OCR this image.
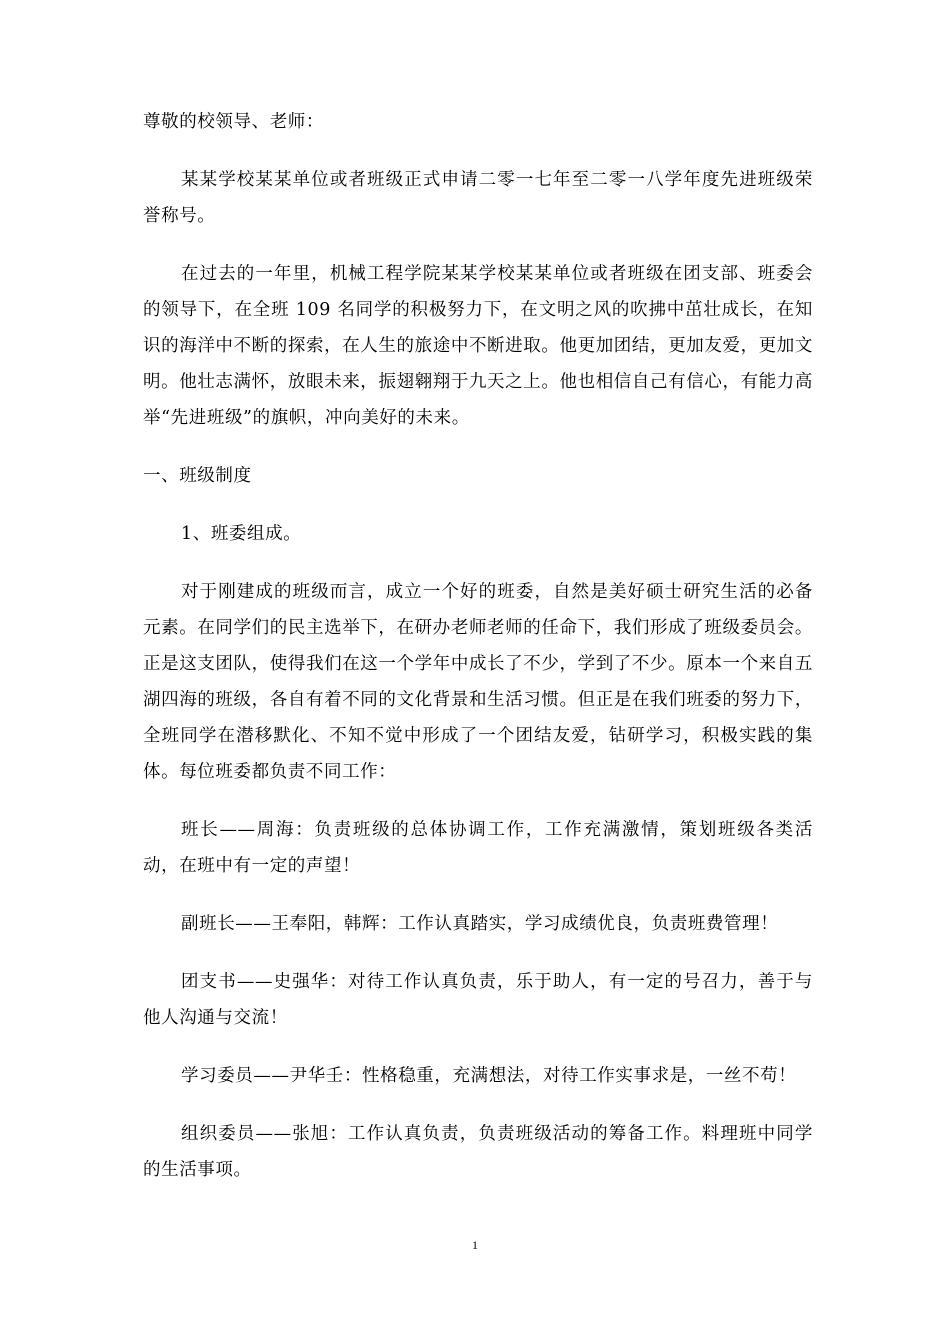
尊敬的校领导、老师：

某某学校某某单位或者班级正式申请二零一七年至二零一八学年度先进班级荣誉称号。

在过去的一年里，机械工程学院某某学校某某单位或者班级在团支部、班委会的领导下，在全班 109 名同学的积极努力下，在文明之风的吹拂中茁壮成长，在知识的海洋中不断的探索，在人生的旅途中不断进取。他更加团结，更加友爱，更加文明。他壮志满怀，放眼未来，振翅翱翔于九天之上。他也相信自己有信心，有能力高举“先进班级”的旗帜，冲向美好的未来。

一、班级制度

1、班委组成。

对于刚建成的班级而言，成立一个好的班委，自然是美好硕士研究生活的必备元素。在同学们的民主选举下，在研办老师老师的任命下，我们形成了班级委员会。正是这支团队，使得我们在这一个学年中成长了不少，学到了不少。原本一个来自五湖四海的班级，各自有着不同的文化背景和生活习惯。但正是在我们班委的努力下，全班同学在潜移默化、不知不觉中形成了一个团结友爱，钻研学习，积极实践的集体。每位班委都负责不同工作：

班长——周海：负责班级的总体协调工作，工作充满激情，策划班级各类活动，在班中有一定的声望！

副班长——王奉阳，韩辉：工作认真踏实，学习成绩优良，负责班费管理！

团支书——史强华：对待工作认真负责，乐于助人，有一定的号召力，善于与他人沟通与交流！

学习委员——尹华壬：性格稳重，充满想法，对待工作实事求是，一丝不苟！

组织委员——张旭：工作认真负责，负责班级活动的筹备工作。料理班中同学的生活事项。

1
